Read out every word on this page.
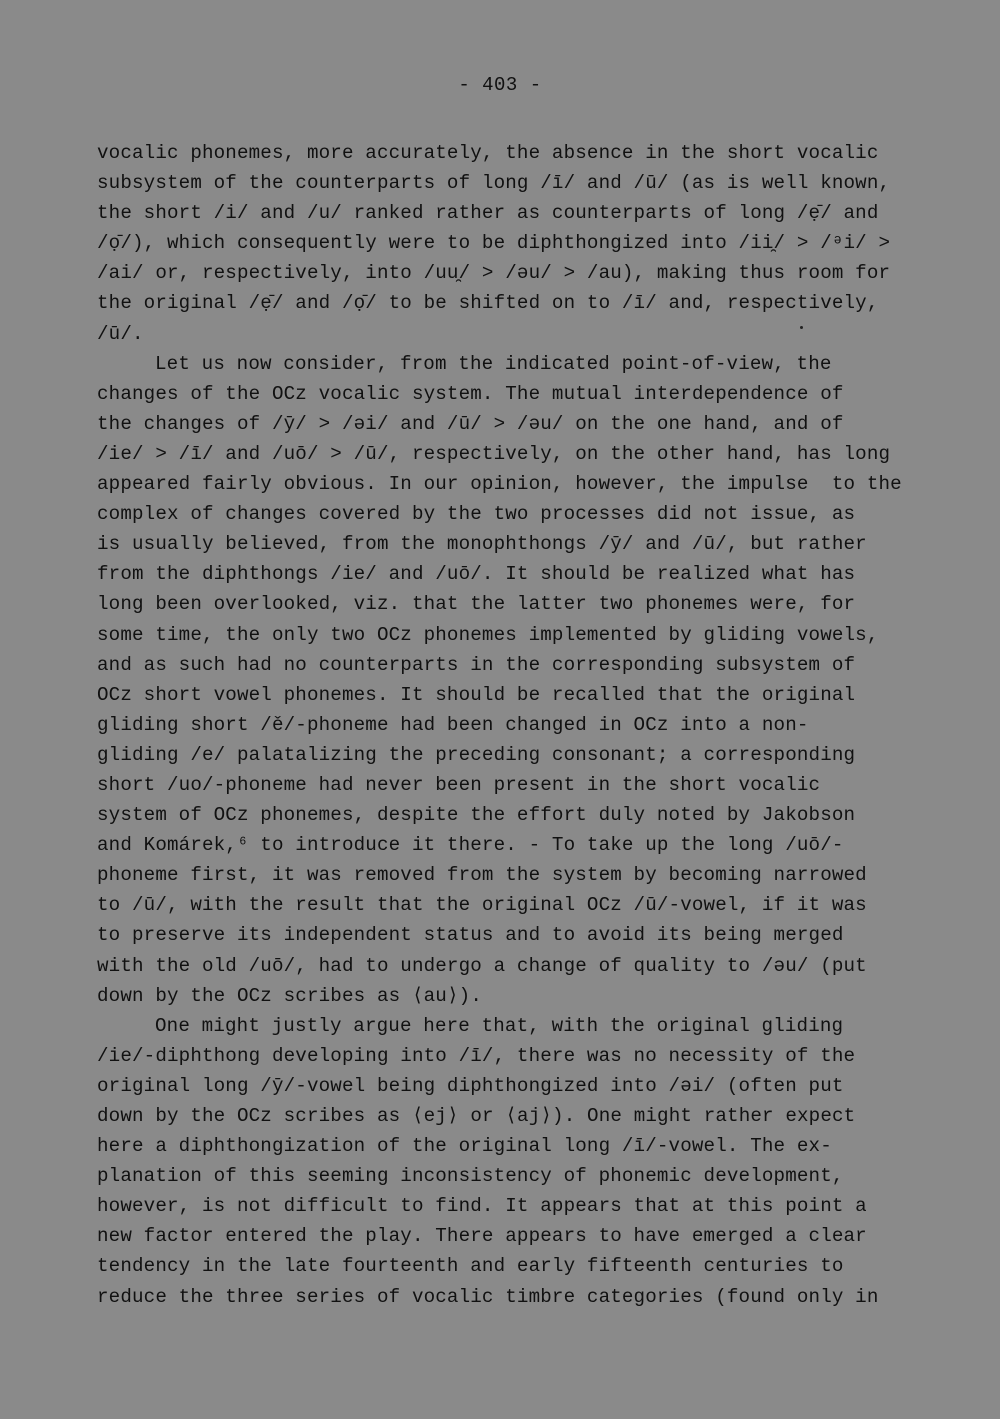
- 403 -
vocalic phonemes, more accurately, the absence in the short vocalic
subsystem of the counterparts of long /ī/ and /ū/ (as is well known,
the short /i/ and /u/ ranked rather as counterparts of long /ẹ̄/ and
/ọ̄/), which consequently were to be diphthongized into /ii̯/ > /ᵊi/ >
/ai/ or, respectively, into /uu̯/ > /əu/ > /au), making thus room for
the original /ẹ̄/ and /ọ̄/ to be shifted on to /ī/ and, respectively,
/ū/.
Let us now consider, from the indicated point-of-view, the
changes of the OCz vocalic system. The mutual interdependence of
the changes of /ȳ/ > /əi/ and /ū/ > /əu/ on the one hand, and of
/ie/ > /ī/ and /uō/ > /ū/, respectively, on the other hand, has long
appeared fairly obvious. In our opinion, however, the impulse  to the
complex of changes covered by the two processes did not issue, as
is usually believed, from the monophthongs /ȳ/ and /ū/, but rather
from the diphthongs /ie/ and /uō/. It should be realized what has
long been overlooked, viz. that the latter two phonemes were, for
some time, the only two OCz phonemes implemented by gliding vowels,
and as such had no counterparts in the corresponding subsystem of
OCz short vowel phonemes. It should be recalled that the original
gliding short /ě/-phoneme had been changed in OCz into a non-
gliding /e/ palatalizing the preceding consonant; a corresponding
short /uo/-phoneme had never been present in the short vocalic
system of OCz phonemes, despite the effort duly noted by Jakobson
and Komárek,⁶ to introduce it there. - To take up the long /uō/-
phoneme first, it was removed from the system by becoming narrowed
to /ū/, with the result that the original OCz /ū/-vowel, if it was
to preserve its independent status and to avoid its being merged
with the old /uō/, had to undergo a change of quality to /əu/ (put
down by the OCz scribes as ⟨au⟩).
One might justly argue here that, with the original gliding
/ie/-diphthong developing into /ī/, there was no necessity of the
original long /ȳ/-vowel being diphthongized into /əi/ (often put
down by the OCz scribes as ⟨ej⟩ or ⟨aj⟩). One might rather expect
here a diphthongization of the original long /ī/-vowel. The ex-
planation of this seeming inconsistency of phonemic development,
however, is not difficult to find. It appears that at this point a
new factor entered the play. There appears to have emerged a clear
tendency in the late fourteenth and early fifteenth centuries to
reduce the three series of vocalic timbre categories (found only in
